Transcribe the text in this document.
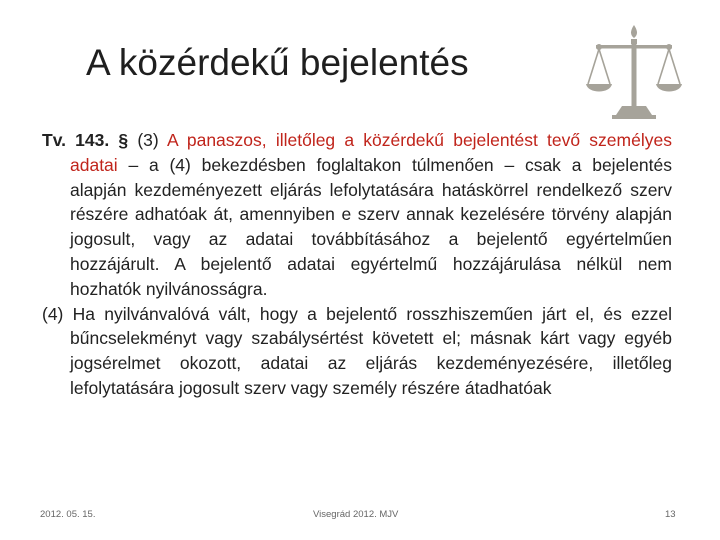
A közérdekű bejelentés

Tv. 143. § (3) A panaszos, illetőleg a közérdekű bejelentést tevő személyes adatai – a (4) bekezdésben foglaltakon túlmenően – csak a bejelentés alapján kezdeményezett eljárás lefolytatására hatáskörrel rendelkező szerv részére adhatóak át, amennyiben e szerv annak kezelésére törvény alapján jogosult, vagy az adatai továbbításához a bejelentő egyértelműen hozzájárult. A bejelentő adatai egyértelmű hozzájárulása nélkül nem hozhatók nyilvánosságra.

(4) Ha nyilvánvalóvá vált, hogy a bejelentő rosszhiszeműen járt el, és ezzel bűncselekményt vagy szabálysértést követett el; másnak kárt vagy egyéb jogsérelmet okozott, adatai az eljárás kezdeményezésére, illetőleg lefolytatására jogosult szerv vagy személy részére átadhatóak

2012. 05. 15.	Visegrád 2012. MJV	13
